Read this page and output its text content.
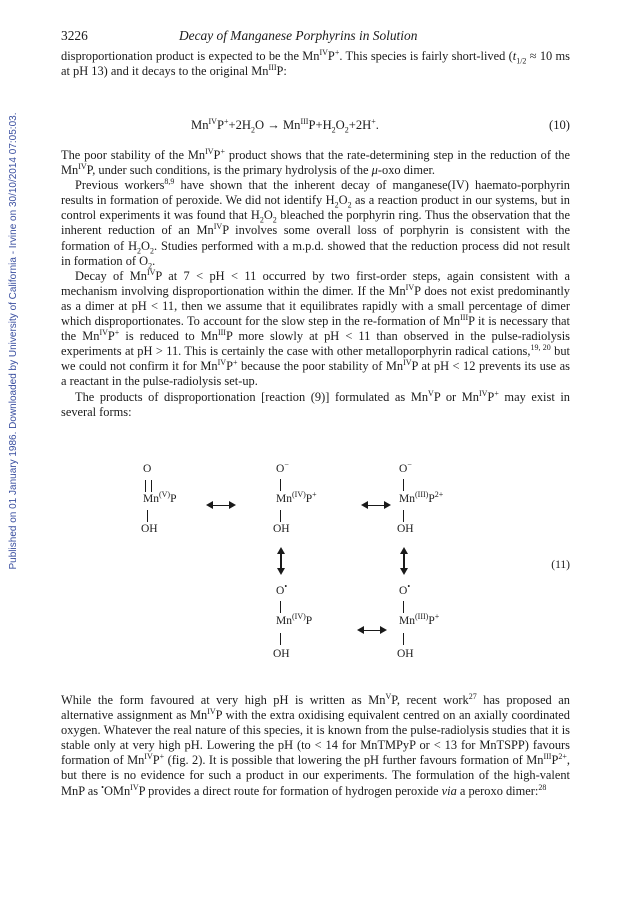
Published on 01 January 1986. Downloaded by University of California - Irvine on 30/10/2014 07:05:03.
3226	Decay of Manganese Porphyrins in Solution

disproportionation product is expected to be the $Mn^{IV}P^+$. This species is fairly short-lived ($t_{1/2} \approx 10$ ms at pH 13) and it decays to the original $Mn^{III}P$:

$Mn^{IV}P^++2H_2O \to Mn^{III}P+H_2O_2+2H^+$.	(10)

The poor stability of the $Mn^{IV}P^+$ product shows that the rate-determining step in the reduction of the $Mn^{IV}P$, under such conditions, is the primary hydrolysis of the μ-oxo dimer.

Previous workers$^{8,9}$ have shown that the inherent decay of manganese(IV) haemato-porphyrin results in formation of peroxide. We did not identify $H_2O_2$ as a reaction product in our systems, but in control experiments it was found that $H_2O_2$ bleached the porphyrin ring. Thus the observation that the inherent reduction of an $Mn^{IV}P$ involves some overall loss of porphyrin is consistent with the formation of $H_2O_2$. Studies performed with a m.p.d. showed that the reduction process did not result in formation of $O_2$.

Decay of $Mn^{IV}P$ at 7 < pH < 11 occurred by two first-order steps, again consistent with a mechanism involving disproportionation within the dimer. If the $Mn^{IV}P$ does not exist predominantly as a dimer at pH < 11, then we assume that it equilibrates rapidly with a small percentage of dimer which disproportionates. To account for the slow step in the re-formation of $Mn^{III}P$ it is necessary that the $Mn^{IV}P^+$ is reduced to $Mn^{III}P$ more slowly at pH < 11 than observed in the pulse-radiolysis experiments at pH > 11. This is certainly the case with other metalloporphyrin radical cations,$^{19, 20}$ but we could not confirm it for $Mn^{IV}P^+$ because the poor stability of $Mn^{IV}P$ at pH < 12 prevents its use as a reactant in the pulse-radiolysis set-up.

The products of disproportionation [reaction (9)] formulated as $Mn^VP$ or $Mn^{IV}P^+$ may exist in several forms:

O
$Mn^{(V)}P$
OH
O−
$Mn^{(IV)}P^+$
OH
O−
$Mn^{(III)}P^{2+}$
OH
(11)
O•
$Mn^{(IV)}P$
OH
O•
$Mn^{(III)}P^+$
OH

While the form favoured at very high pH is written as $Mn^VP$, recent work$^{27}$ has proposed an alternative assignment as $Mn^{IV}P$ with the extra oxidising equivalent centred on an axially coordinated oxygen. Whatever the real nature of this species, it is known from the pulse-radiolysis studies that it is stable only at very high pH. Lowering the pH (to < 14 for MnTMPyP or < 13 for MnTSPP) favours formation of $Mn^{IV}P^+$ (fig. 2). It is possible that lowering the pH further favours formation of $Mn^{III}P^{2+}$, but there is no evidence for such a product in our experiments. The formulation of the high-valent MnP as •OMn$^{IV}$P provides a direct route for formation of hydrogen peroxide via a peroxo dimer:$^{28}$
